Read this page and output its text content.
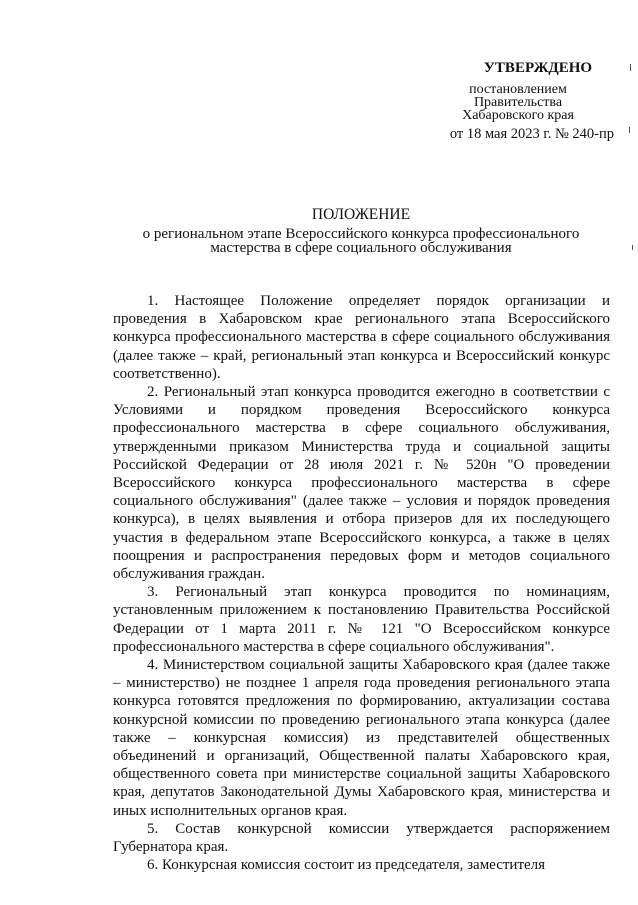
УТВЕРЖДЕНО
постановлением
Правительства
Хабаровского края
от 18 мая 2023 г. № 240-пр
ПОЛОЖЕНИЕ
о региональном этапе Всероссийского конкурса профессионального мастерства в сфере социального обслуживания

1. Настоящее Положение определяет порядок организации и проведения в Хабаровском крае регионального этапа Всероссийского конкурса профессионального мастерства в сфере социального обслуживания (далее также – край, региональный этап конкурса и Всероссийский конкурс соответственно).

2. Региональный этап конкурса проводится ежегодно в соответствии с Условиями и порядком проведения Всероссийского конкурса профессионального мастерства в сфере социального обслуживания, утвержденными приказом Министерства труда и социальной защиты Российской Федерации от 28 июля 2021 г. № 520н "О проведении Всероссийского конкурса профессионального мастерства в сфере социального обслуживания" (далее также – условия и порядок проведения конкурса), в целях выявления и отбора призеров для их последующего участия в федеральном этапе Всероссийского конкурса, а также в целях поощрения и распространения передовых форм и методов социального обслуживания граждан.

3. Региональный этап конкурса проводится по номинациям, установленным приложением к постановлению Правительства Российской Федерации от 1 марта 2011 г. № 121 "О Всероссийском конкурсе профессионального мастерства в сфере социального обслуживания".

4. Министерством социальной защиты Хабаровского края (далее также – министерство) не позднее 1 апреля года проведения регионального этапа конкурса готовятся предложения по формированию, актуализации состава конкурсной комиссии по проведению регионального этапа конкурса (далее также – конкурсная комиссия) из представителей общественных объединений и организаций, Общественной палаты Хабаровского края, общественного совета при министерстве социальной защиты Хабаровского края, депутатов Законодательной Думы Хабаровского края, министерства и иных исполнительных органов края.

5. Состав конкурсной комиссии утверждается распоряжением Губернатора края.

6. Конкурсная комиссия состоит из председателя, заместителя
